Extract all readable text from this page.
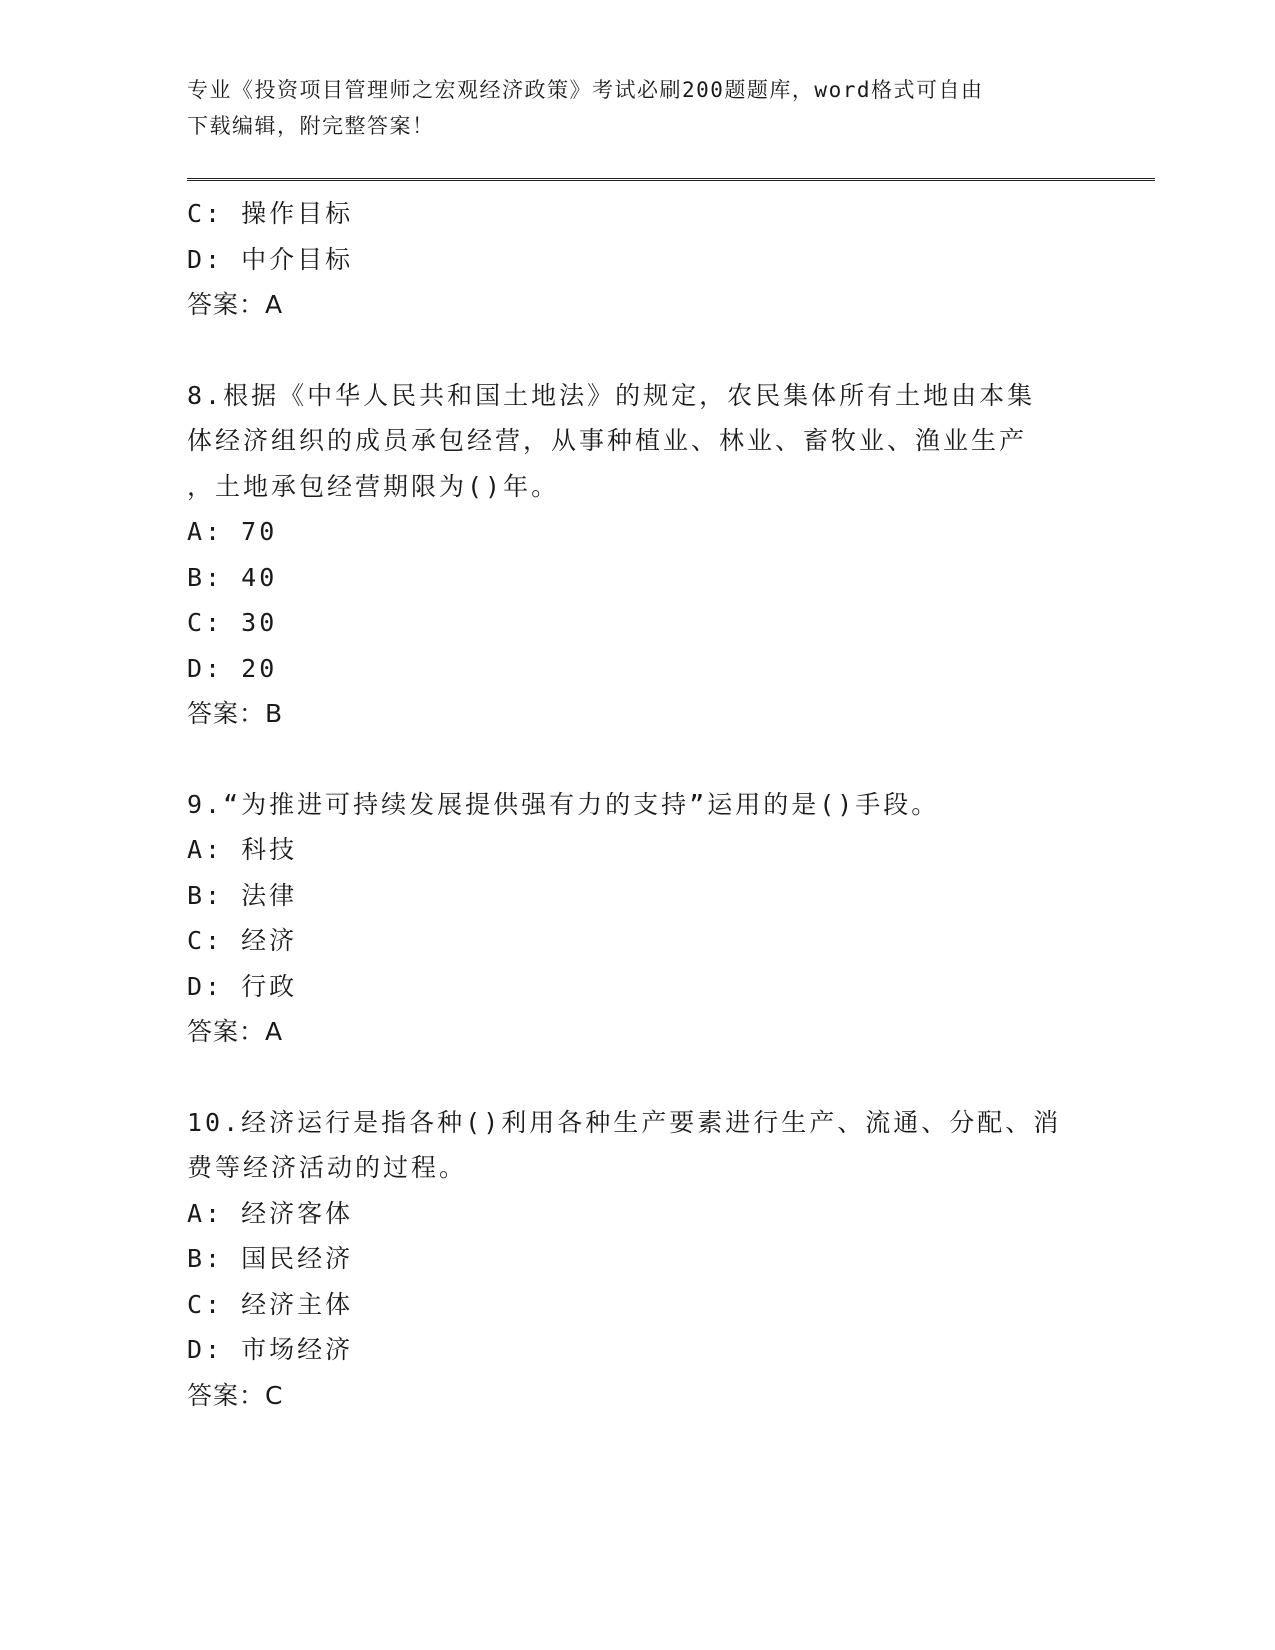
专业《投资项目管理师之宏观经济政策》考试必刷200题题库，word格式可自由
下载编辑，附完整答案！
C: 操作目标
D: 中介目标
答案：A
8.根据《中华人民共和国土地法》的规定，农民集体所有土地由本集
体经济组织的成员承包经营，从事种植业、林业、畜牧业、渔业生产
，土地承包经营期限为()年。
A: 70
B: 40
C: 30
D: 20
答案：B
9.“为推进可持续发展提供强有力的支持”运用的是()手段。
A: 科技
B: 法律
C: 经济
D: 行政
答案：A
10.经济运行是指各种()利用各种生产要素进行生产、流通、分配、消
费等经济活动的过程。
A: 经济客体
B: 国民经济
C: 经济主体
D: 市场经济
答案：C
